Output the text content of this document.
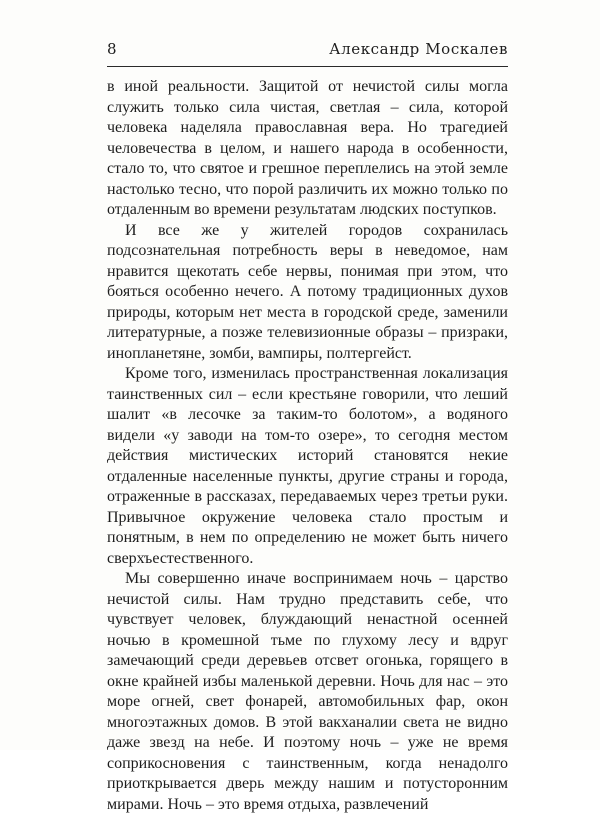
8	Александр Москалев

в иной реальности. Защитой от нечистой силы могла служить только сила чистая, светлая – сила, которой человека наделяла православная вера. Но трагедией человечества в целом, и нашего народа в особенности, стало то, что святое и грешное переплелись на этой земле настолько тесно, что порой различить их можно только по отдаленным во времени результатам людских поступков.

И все же у жителей городов сохранилась подсознательная потребность веры в неведомое, нам нравится щекотать себе нервы, понимая при этом, что бояться особенно нечего. А потому традиционных духов природы, которым нет места в городской среде, заменили литературные, а позже телевизионные образы – призраки, инопланетяне, зомби, вампиры, полтергейст.

Кроме того, изменилась пространственная локализация таинственных сил – если крестьяне говорили, что леший шалит «в лесочке за таким-то болотом», а водяного видели «у заводи на том-то озере», то сегодня местом действия мистических историй становятся некие отдаленные населенные пункты, другие страны и города, отраженные в рассказах, передаваемых через третьи руки. Привычное окружение человека стало простым и понятным, в нем по определению не может быть ничего сверхъестественного.

Мы совершенно иначе воспринимаем ночь – царство нечистой силы. Нам трудно представить себе, что чувствует человек, блуждающий ненастной осенней ночью в кромешной тьме по глухому лесу и вдруг замечающий среди деревьев отсвет огонька, горящего в окне крайней избы маленькой деревни. Ночь для нас – это море огней, свет фонарей, автомобильных фар, окон многоэтажных домов. В этой вакханалии света не видно даже звезд на небе. И поэтому ночь – уже не время соприкосновения с таинственным, когда ненадолго приоткрывается дверь между нашим и потусторонним мирами. Ночь – это время отдыха, развлечений
